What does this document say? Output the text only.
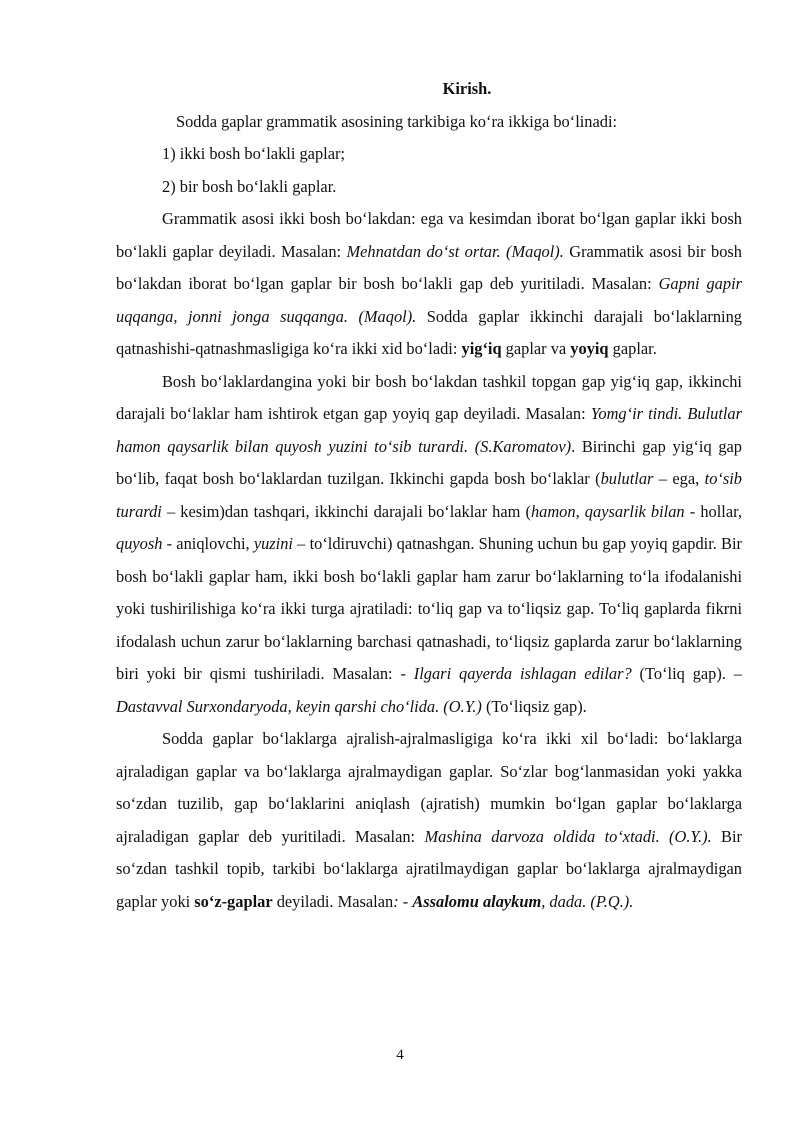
Kirish.

Sodda gaplar grammatik asosining tarkibiga ko‘ra ikkiga bo‘linadi:

1) ikki bosh bo‘lakli gaplar;

2) bir bosh bo‘lakli gaplar.

Grammatik asosi ikki bosh bo‘lakdan: ega va kesimdan iborat bo‘lgan gaplar ikki bosh bo‘lakli gaplar deyiladi. Masalan: Mehnatdan do‘st ortar. (Maqol). Grammatik asosi bir bosh bo‘lakdan iborat bo‘lgan gaplar bir bosh bo‘lakli gap deb yuritiladi. Masalan: Gapni gapir uqqanga, jonni jonga suqqanga. (Maqol). Sodda gaplar ikkinchi darajali bo‘laklarning qatnashishi-qatnashmasligiga ko‘ra ikki xid bo‘ladi: yig‘iq gaplar va yoyiq gaplar.

Bosh bo‘laklardangina yoki bir bosh bo‘lakdan tashkil topgan gap yig‘iq gap, ikkinchi darajali bo‘laklar ham ishtirok etgan gap yoyiq gap deyiladi. Masalan: Yomg‘ir tindi. Bulutlar hamon qaysarlik bilan quyosh yuzini to‘sib turardi. (S.Karomatov). Birinchi gap yig‘iq gap bo‘lib, faqat bosh bo‘laklardan tuzilgan. Ikkinchi gapda bosh bo‘laklar (bulutlar – ega, to‘sib turardi – kesim)dan tashqari, ikkinchi darajali bo‘laklar ham (hamon, qaysarlik bilan - hollar, quyosh - aniqlovchi, yuzini – to‘ldiruvchi) qatnashgan. Shuning uchun bu gap yoyiq gapdir. Bir bosh bo‘lakli gaplar ham, ikki bosh bo‘lakli gaplar ham zarur bo‘laklarning to‘la ifodalanishi yoki tushirilishiga ko‘ra ikki turga ajratiladi: to‘liq gap va to‘liqsiz gap. To‘liq gaplarda fikrni ifodalash uchun zarur bo‘laklarning barchasi qatnashadi, to‘liqsiz gaplarda zarur bo‘laklarning biri yoki bir qismi tushiriladi. Masalan: - Ilgari qayerda ishlagan edilar? (To‘liq gap). – Dastavval Surxondaryoda, keyin qarshi cho‘lida. (O.Y.) (To‘liqsiz gap).

Sodda gaplar bo‘laklarga ajralish-ajralmasligiga ko‘ra ikki xil bo‘ladi: bo‘laklarga ajraladigan gaplar va bo‘laklarga ajralmaydigan gaplar. So‘zlar bog‘lanmasidan yoki yakka so‘zdan tuzilib, gap bo‘laklarini aniqlash (ajratish) mumkin bo‘lgan gaplar bo‘laklarga ajraladigan gaplar deb yuritiladi. Masalan: Mashina darvoza oldida to‘xtadi. (O.Y.). Bir so‘zdan tashkil topib, tarkibi bo‘laklarga ajratilmaydigan gaplar bo‘laklarga ajralmaydigan gaplar yoki so‘z-gaplar deyiladi. Masalan: - Assalomu alaykum, dada. (P.Q.).

4
